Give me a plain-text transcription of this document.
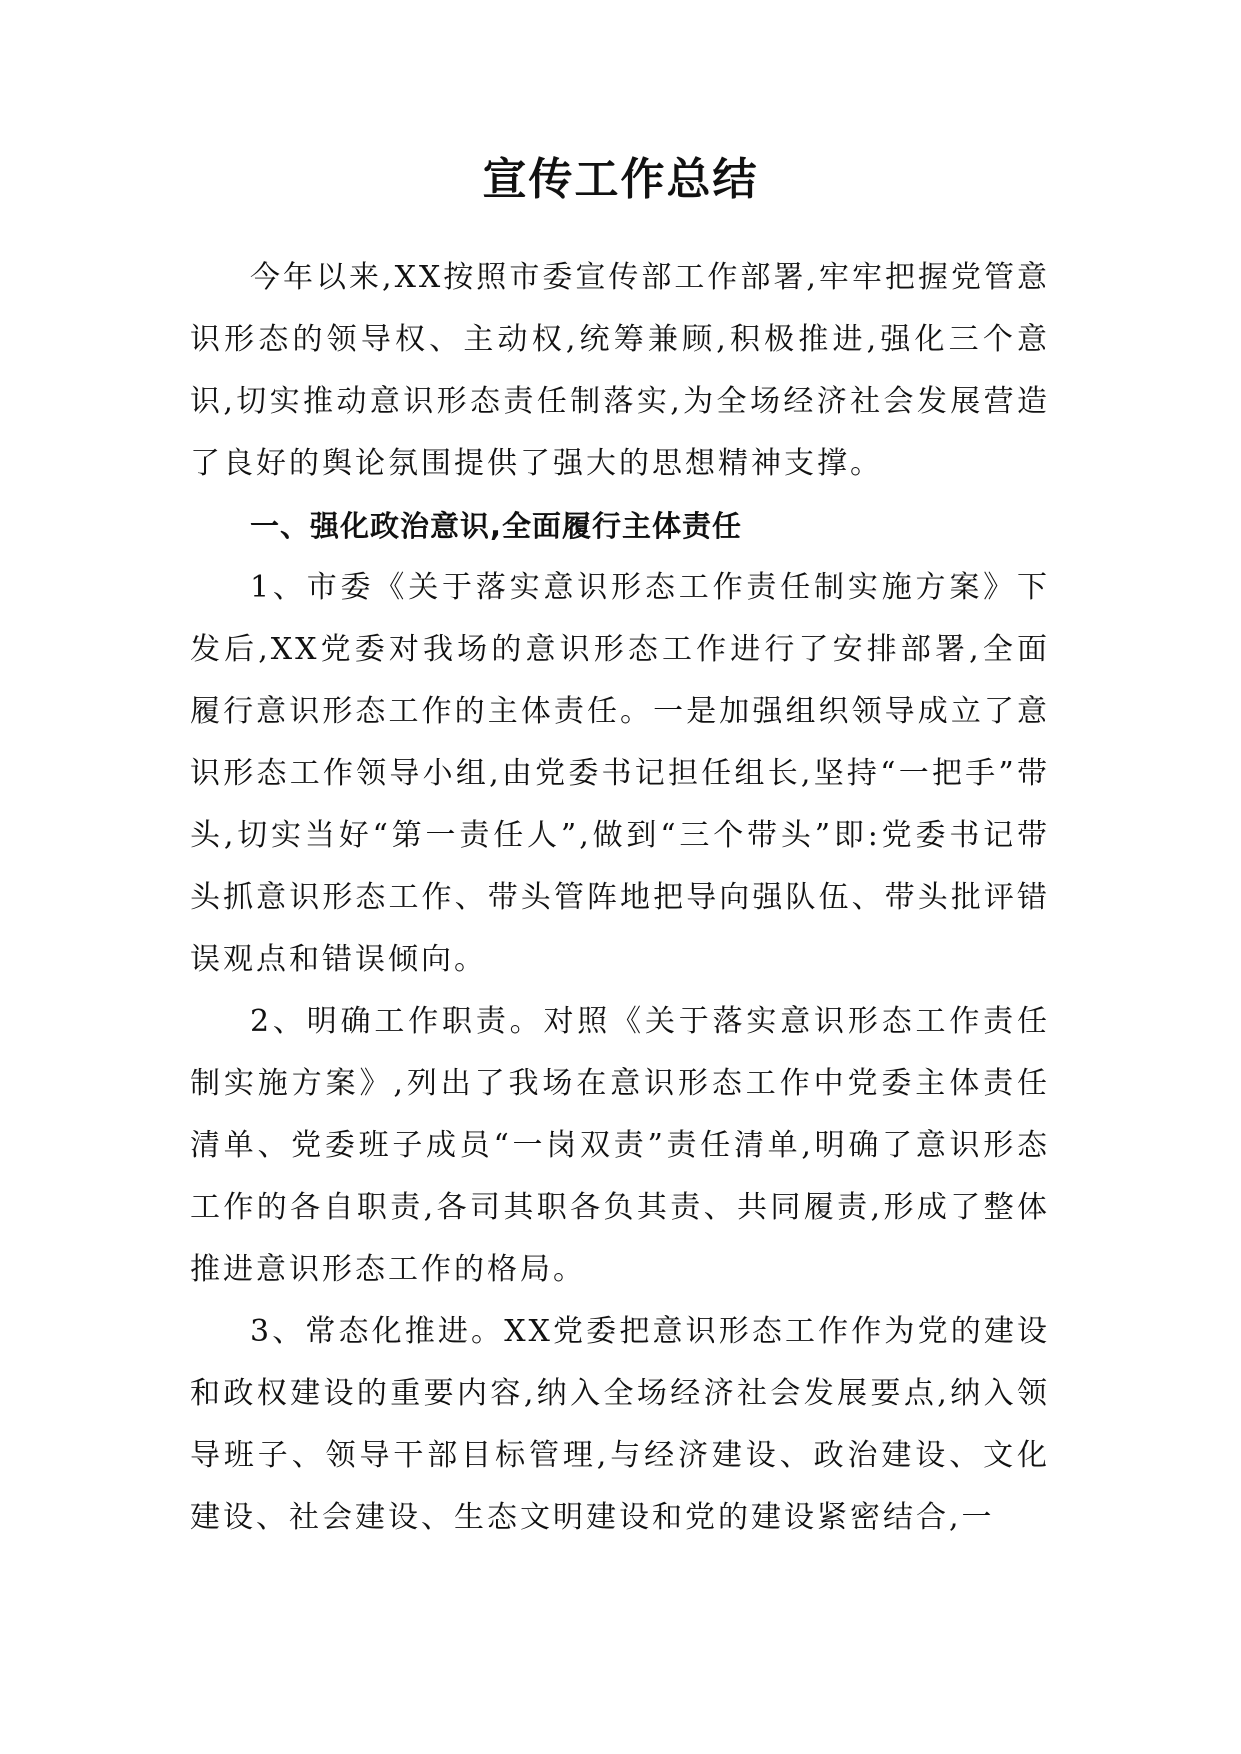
宣传工作总结

今年以来,XX按照市委宣传部工作部署,牢牢把握党管意识形态的领导权、主动权,统筹兼顾,积极推进,强化三个意识,切实推动意识形态责任制落实,为全场经济社会发展营造了良好的舆论氛围提供了强大的思想精神支撑。

一、强化政治意识,全面履行主体责任

1、市委《关于落实意识形态工作责任制实施方案》下发后,XX党委对我场的意识形态工作进行了安排部署,全面履行意识形态工作的主体责任。一是加强组织领导成立了意识形态工作领导小组,由党委书记担任组长,坚持“一把手”带头,切实当好“第一责任人”,做到“三个带头”即:党委书记带头抓意识形态工作、带头管阵地把导向强队伍、带头批评错误观点和错误倾向。

2、明确工作职责。对照《关于落实意识形态工作责任制实施方案》,列出了我场在意识形态工作中党委主体责任清单、党委班子成员“一岗双责”责任清单,明确了意识形态工作的各自职责,各司其职各负其责、共同履责,形成了整体推进意识形态工作的格局。

3、常态化推进。XX党委把意识形态工作作为党的建设和政权建设的重要内容,纳入全场经济社会发展要点,纳入领导班子、领导干部目标管理,与经济建设、政治建设、文化建设、社会建设、生态文明建设和党的建设紧密结合,一
